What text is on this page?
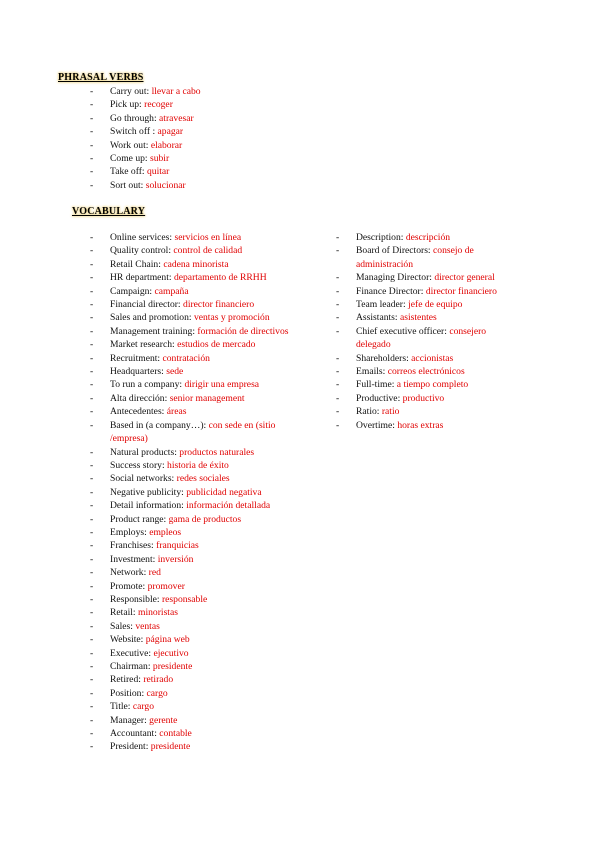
PHRASAL VERBS
- Carry out: llevar a cabo
- Pick up: recoger
- Go through: atravesar
- Switch off : apagar
- Work out: elaborar
- Come up: subir
- Take off: quitar
- Sort out: solucionar
VOCABULARY
- Online services: servicios en línea
- Quality control: control de calidad
- Retail Chain: cadena minorista
- HR department: departamento de RRHH
- Campaign: campaña
- Financial director: director financiero
- Sales and promotion: ventas y promoción
- Management training: formación de directivos
- Market research: estudios de mercado
- Recruitment: contratación
- Headquarters: sede
- To run a company: dirigir una empresa
- Alta dirección: senior management
- Antecedentes: áreas
- Based in (a company…): con sede en (sitio /empresa)
- Natural products: productos naturales
- Success story: historia de éxito
- Social networks: redes sociales
- Negative publicity: publicidad negativa
- Detail information: información detallada
- Product range: gama de productos
- Employs: empleos
- Franchises: franquicias
- Investment: inversión
- Network: red
- Promote: promover
- Responsible: responsable
- Retail: minoristas
- Sales: ventas
- Website: página web
- Executive: ejecutivo
- Chairman: presidente
- Retired: retirado
- Position: cargo
- Title: cargo
- Manager: gerente
- Accountant: contable
- President: presidente
- Description: descripción
- Board of Directors: consejo de administración
- Managing Director: director general
- Finance Director: director financiero
- Team leader: jefe de equipo
- Assistants: asistentes
- Chief executive officer: consejero delegado
- Shareholders: accionistas
- Emails: correos electrónicos
- Full-time: a tiempo completo
- Productive: productivo
- Ratio: ratio
- Overtime: horas extras
